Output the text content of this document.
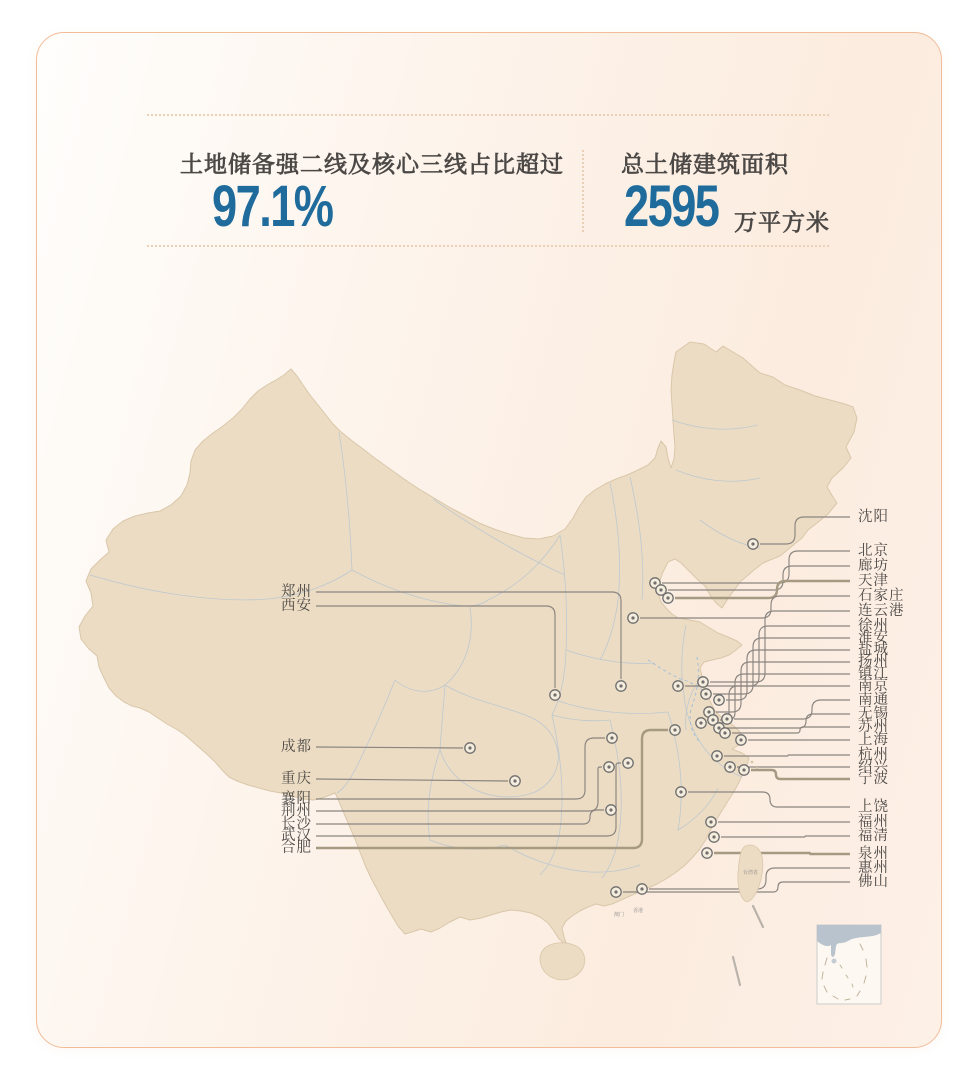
土地储备强二线及核心三线占比超过
97.1%
总土储建筑面积
2595 万平方米
台湾省
澳门
香港
沈阳
北京
廊坊
天津
石家庄
连云港
徐州
淮安
盐城
扬州
镇江
南京
南通
无锡
苏州
上海
杭州
绍兴
宁波
上饶
福州
福清
泉州
惠州
佛山
郑州
西安
成都
重庆
襄阳
荆州
长沙
武汉
合肥
